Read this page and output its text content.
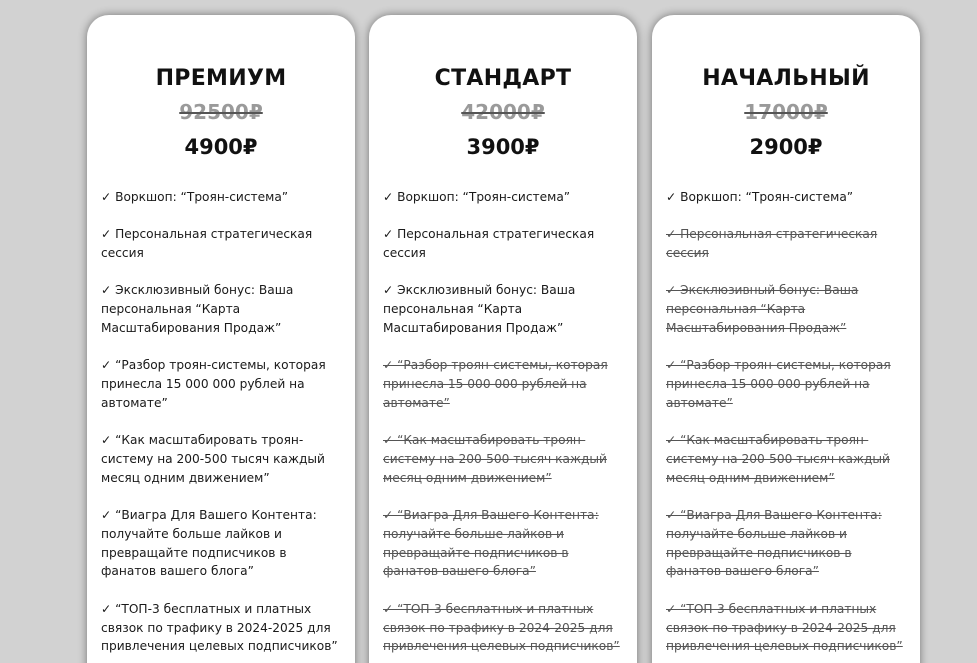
ПРЕМИУМ
92500₽
4900₽
✓ Воркшоп: “Троян-система”
✓ Персональная стратегическая сессия
✓ Эксклюзивный бонус: Ваша персональная “Карта Масштабирования Продаж”
✓ “Разбор троян-системы, которая принесла 15 000 000 рублей на автомате”
✓ “Как масштабировать троян-систему на 200-500 тысяч каждый месяц одним движением”
✓ “Виагра Для Вашего Контента: получайте больше лайков и превращайте подписчиков в фанатов вашего блога”
✓ “ТОП-3 бесплатных и платных связок по трафику в 2024-2025 для привлечения целевых подписчиков”
СТАНДАРТ
42000₽
3900₽
✓ Воркшоп: “Троян-система”
✓ Персональная стратегическая сессия
✓ Эксклюзивный бонус: Ваша персональная “Карта Масштабирования Продаж”
✓ “Разбор троян-системы, которая принесла 15 000 000 рублей на автомате”
✓ “Как масштабировать троян-систему на 200-500 тысяч каждый месяц одним движением”
✓ “Виагра Для Вашего Контента: получайте больше лайков и превращайте подписчиков в фанатов вашего блога”
✓ “ТОП-3 бесплатных и платных связок по трафику в 2024-2025 для привлечения целевых подписчиков”
НАЧАЛЬНЫЙ
17000₽
2900₽
✓ Воркшоп: “Троян-система”
✓ Персональная стратегическая сессия
✓ Эксклюзивный бонус: Ваша персональная “Карта Масштабирования Продаж”
✓ “Разбор троян-системы, которая принесла 15 000 000 рублей на автомате”
✓ “Как масштабировать троян-систему на 200-500 тысяч каждый месяц одним движением”
✓ “Виагра Для Вашего Контента: получайте больше лайков и превращайте подписчиков в фанатов вашего блога”
✓ “ТОП-3 бесплатных и платных связок по трафику в 2024-2025 для привлечения целевых подписчиков”
